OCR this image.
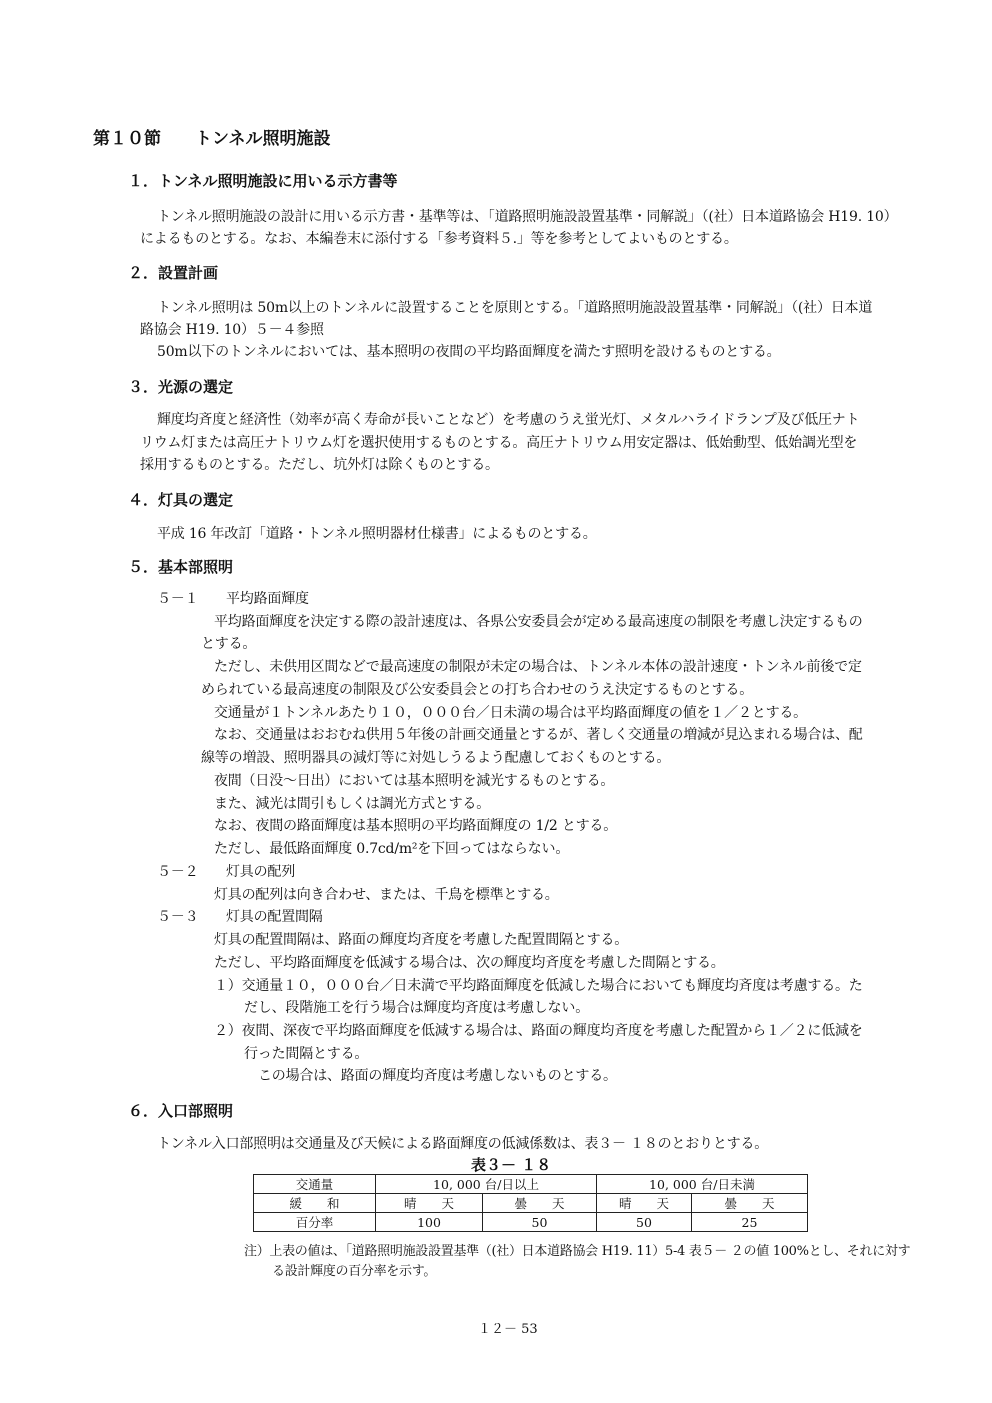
第１０節　　トンネル照明施設
１．トンネル照明施設に用いる示方書等
トンネル照明施設の設計に用いる示方書・基準等は、「道路照明施設設置基準・同解説」（(社）日本道路協会 H19. 10）
によるものとする。なお、本編巻末に添付する「参考資料５.」等を参考としてよいものとする。
２．設置計画
トンネル照明は 50m以上のトンネルに設置することを原則とする。「道路照明施設設置基準・同解説」（(社）日本道
路協会 H19. 10）５－４参照
50m以下のトンネルにおいては、基本照明の夜間の平均路面輝度を満たす照明を設けるものとする。
３．光源の選定
輝度均斉度と経済性（効率が高く寿命が長いことなど）を考慮のうえ蛍光灯、メタルハライドランプ及び低圧ナト
リウム灯または高圧ナトリウム灯を選択使用するものとする。高圧ナトリウム用安定器は、低始動型、低始調光型を
採用するものとする。ただし、坑外灯は除くものとする。
４．灯具の選定
平成 16 年改訂「道路・トンネル照明器材仕様書」によるものとする。
５．基本部照明
５－１　　平均路面輝度
平均路面輝度を決定する際の設計速度は、各県公安委員会が定める最高速度の制限を考慮し決定するもの
とする。
ただし、未供用区間などで最高速度の制限が未定の場合は、トンネル本体の設計速度・トンネル前後で定
められている最高速度の制限及び公安委員会との打ち合わせのうえ決定するものとする。
交通量が１トンネルあたり１０，０００台／日未満の場合は平均路面輝度の値を１／２とする。
なお、交通量はおおむね供用５年後の計画交通量とするが、著しく交通量の増減が見込まれる場合は、配
線等の増設、照明器具の減灯等に対処しうるよう配慮しておくものとする。
夜間（日没～日出）においては基本照明を減光するものとする。
また、減光は間引もしくは調光方式とする。
なお、夜間の路面輝度は基本照明の平均路面輝度の 1/2 とする。
ただし、最低路面輝度 0.7cd/m²を下回ってはならない。
５－２　　灯具の配列
灯具の配列は向き合わせ、または、千鳥を標準とする。
５－３　　灯具の配置間隔
灯具の配置間隔は、路面の輝度均斉度を考慮した配置間隔とする。
ただし、平均路面輝度を低減する場合は、次の輝度均斉度を考慮した間隔とする。
１）交通量１０，０００台／日未満で平均路面輝度を低減した場合においても輝度均斉度は考慮する。た
だし、段階施工を行う場合は輝度均斉度は考慮しない。
２）夜間、深夜で平均路面輝度を低減する場合は、路面の輝度均斉度を考慮した配置から１／２に低減を
行った間隔とする。
この場合は、路面の輝度均斉度は考慮しないものとする。
６．入口部照明
トンネル入口部照明は交通量及び天候による路面輝度の低減係数は、表３－ １８のとおりとする。
表３－ １８
交通量	10, 000 台/日以上		10, 000 台/日未満	
緩　　和	晴　　天	曇　　天	晴　　天	曇　　天
百分率	100	50	50	25
注）上表の値は、「道路照明施設設置基準（(社）日本道路協会 H19. 11）5-4 表５－ ２の値 100%とし、それに対す
る設計輝度の百分率を示す。
１２－ 53
